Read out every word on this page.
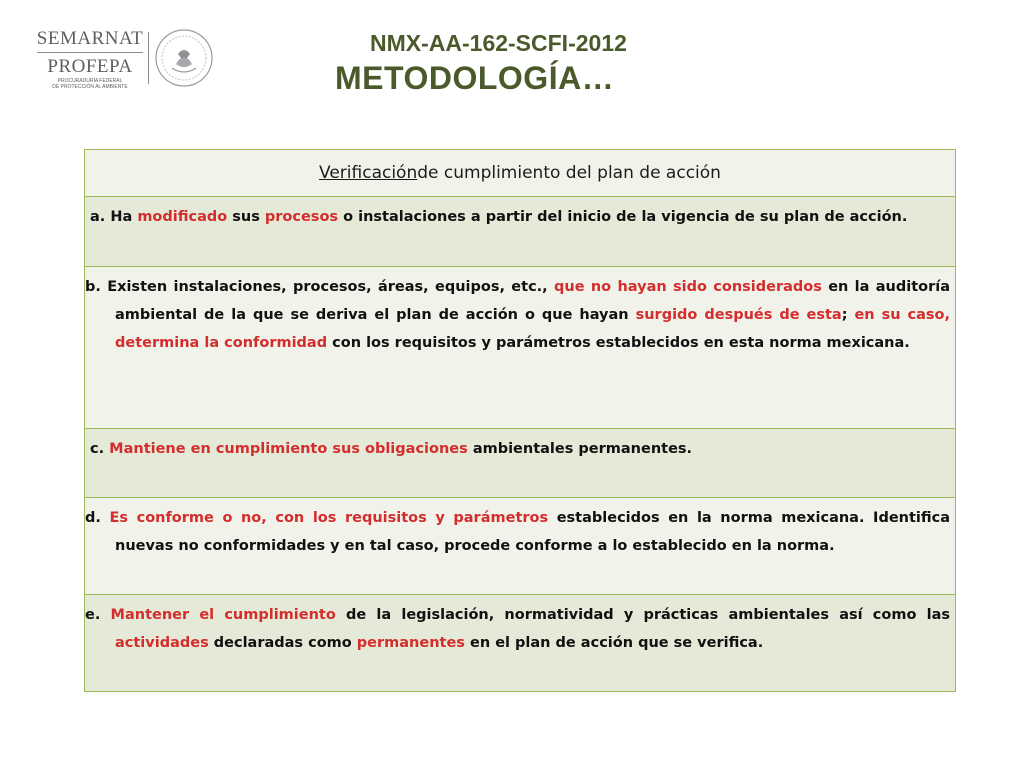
SEMARNAT
PROFEPA
PROCURADURÍA FEDERAL
DE PROTECCIÓN AL AMBIENTE
NMX-AA-162-SCFI-2012
METODOLOGÍA…
Verificación de cumplimiento del plan de acción
a. Ha modificado sus procesos o instalaciones a partir del inicio de la vigencia de su plan de acción.
b. Existen instalaciones, procesos, áreas, equipos, etc., que no hayan sido considerados en la auditoría ambiental de la que se deriva el plan de acción o que hayan surgido después de esta; en su caso, determina la conformidad con los requisitos y parámetros establecidos en esta norma mexicana.
c. Mantiene en cumplimiento sus obligaciones ambientales permanentes.
d. Es conforme o no, con los requisitos y parámetros establecidos en la norma mexicana. Identifica nuevas no conformidades y en tal caso, procede conforme a lo establecido en la norma.
e. Mantener el cumplimiento de la legislación, normatividad y prácticas ambientales así como las actividades declaradas como permanentes en el plan de acción que se verifica.
